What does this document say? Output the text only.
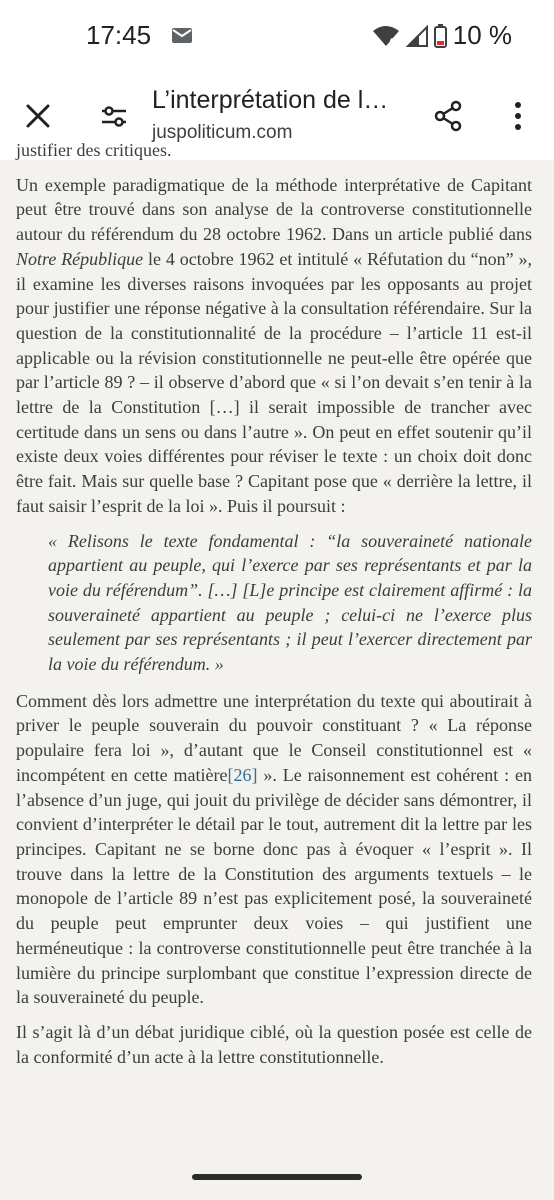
17:45	10 %
L’interprétation de l…
juspoliticum.com

justifier des critiques.

Un exemple paradigmatique de la méthode interprétative de Capitant peut être trouvé dans son analyse de la controverse constitutionnelle autour du référendum du 28 octobre 1962. Dans un article publié dans Notre République le 4 octobre 1962 et intitulé « Réfutation du “non” », il examine les diverses raisons invoquées par les opposants au projet pour justifier une réponse négative à la consultation référendaire. Sur la question de la constitutionnalité de la procédure – l’article 11 est-il applicable ou la révision constitutionnelle ne peut-elle être opérée que par l’article 89 ? – il observe d’abord que « si l’on devait s’en tenir à la lettre de la Constitution […] il serait impossible de trancher avec certitude dans un sens ou dans l’autre ». On peut en effet soutenir qu’il existe deux voies différentes pour réviser le texte : un choix doit donc être fait. Mais sur quelle base ? Capitant pose que « derrière la lettre, il faut saisir l’esprit de la loi ». Puis il poursuit :

« Relisons le texte fondamental : “la souveraineté nationale appartient au peuple, qui l’exerce par ses représentants et par la voie du référendum”. […] [L]e principe est clairement affirmé : la souveraineté appartient au peuple ; celui-ci ne l’exerce plus seulement par ses représentants ; il peut l’exercer directement par la voie du référendum. »

Comment dès lors admettre une interprétation du texte qui aboutirait à priver le peuple souverain du pouvoir constituant ? « La réponse populaire fera loi », d’autant que le Conseil constitutionnel est « incompétent en cette matière[26] ». Le raisonnement est cohérent : en l’absence d’un juge, qui jouit du privilège de décider sans démontrer, il convient d’interpréter le détail par le tout, autrement dit la lettre par les principes. Capitant ne se borne donc pas à évoquer « l’esprit ». Il trouve dans la lettre de la Constitution des arguments textuels – le monopole de l’article 89 n’est pas explicitement posé, la souveraineté du peuple peut emprunter deux voies – qui justifient une herméneutique : la controverse constitutionnelle peut être tranchée à la lumière du principe surplombant que constitue l’expression directe de la souveraineté du peuple.

Il s’agit là d’un débat juridique ciblé, où la question posée est celle de la conformité d’un acte à la lettre constitutionnelle.
